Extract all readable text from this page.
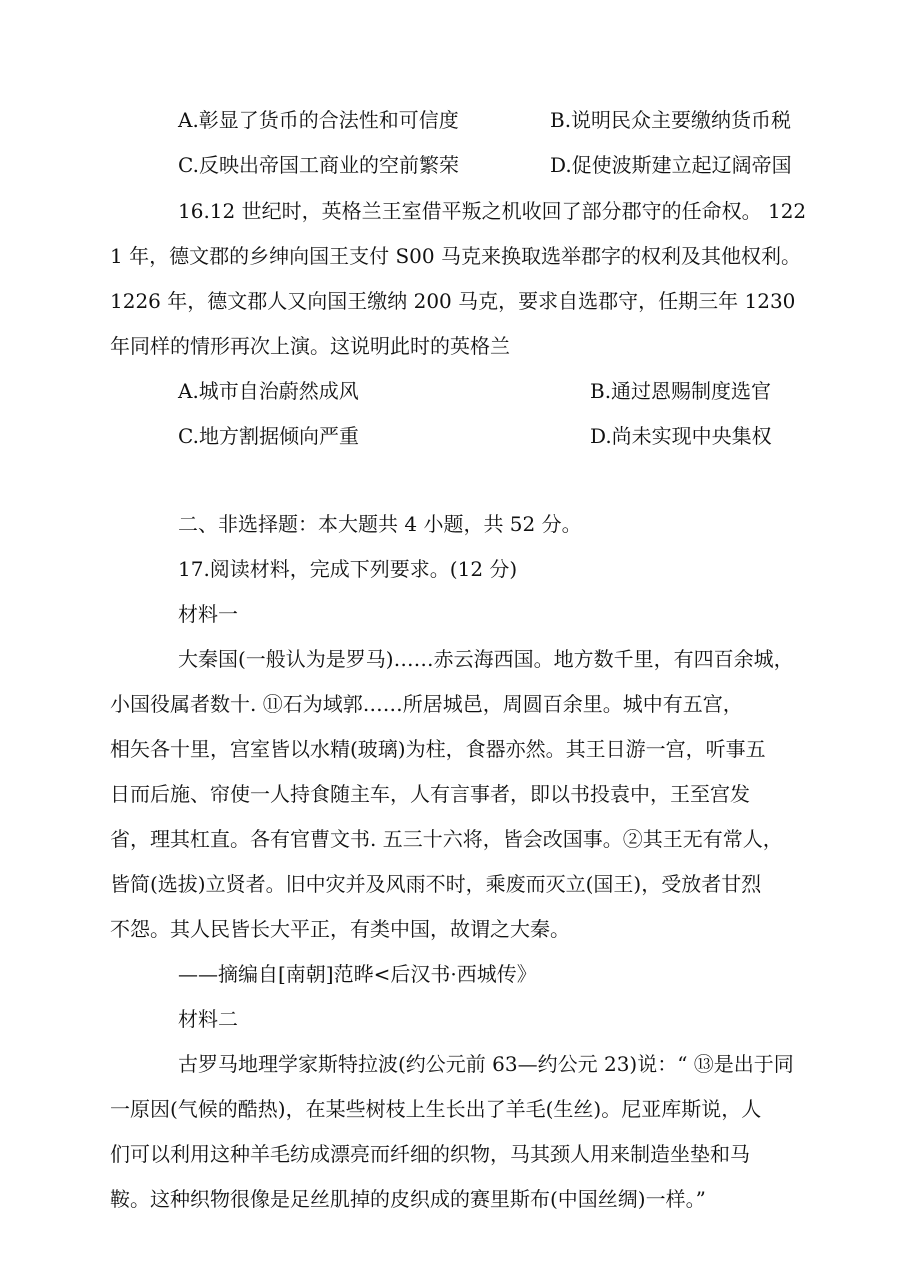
A.彰显了货币的合法性和可信度	B.说明民众主要缴纳货币税
C.反映出帝国工商业的空前繁荣	D.促使波斯建立起辽阔帝国
16.12 世纪时，英格兰王室借平叛之机收回了部分郡守的任命权。 122
1 年，德文郡的乡绅向国王支付 S00 马克来换取选举郡字的权利及其他权利。
1226 年，德文郡人又向国王缴纳 200 马克，要求自选郡守，任期三年 1230
年同样的情形再次上演。这说明此时的英格兰
A.城市自治蔚然成风	B.通过恩赐制度选官
C.地方割据倾向严重	D.尚未实现中央集权
二、非选择题：本大题共 4 小题，共 52 分。
17.阅读材料，完成下列要求。(12 分)
材料一
大秦国(一般认为是罗马)……赤云海西国。地方数千里，有四百余城，
小国役属者数十. ⑪石为域郭……所居城邑，周圆百余里。城中有五宫，
相矢各十里，宫室皆以水精(玻璃)为柱，食器亦然。其王日游一宫，听事五
日而后施、帘使一人持食随主车，人有言事者，即以书投袁中，王至宫发
省，理其杠直。各有官曹文书. 五三十六将，皆会改国事。②其王无有常人，
皆简(选拔)立贤者。旧中灾并及风雨不时，乘废而灭立(国王)，受放者甘烈
不怨。其人民皆长大平正，有类中国，故谓之大秦。
——摘编自[南朝]范晔<后汉书·西城传》
材料二
古罗马地理学家斯特拉波(约公元前 63—约公元 23)说：“ ⑬是出于同
一原因(气候的酷热)，在某些树枝上生长出了羊毛(生丝)。尼亚库斯说，人
们可以利用这种羊毛纺成漂亮而纤细的织物，马其颈人用来制造坐垫和马
鞍。这种织物很像是足丝肌掉的皮织成的赛里斯布(中国丝绸)一样。”
